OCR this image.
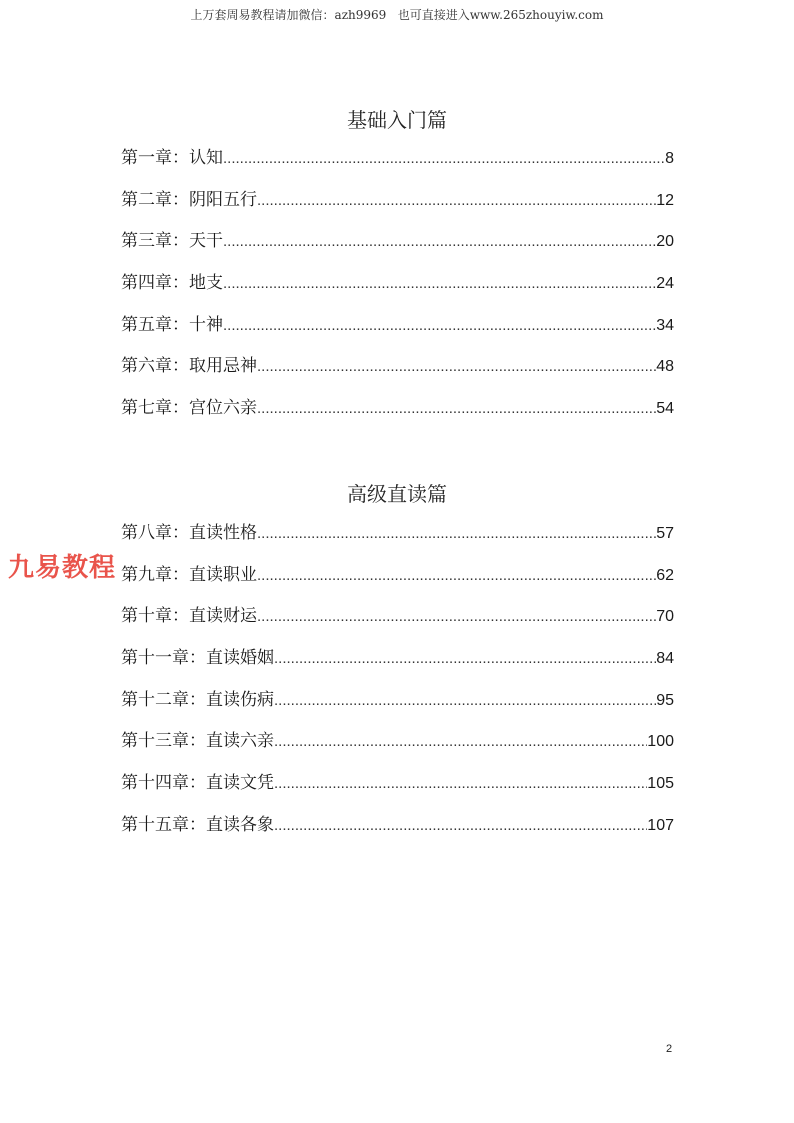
上万套周易教程请加微信：azh9969   也可直接进入www.265zhouyiw.com
基础入门篇
第一章：认知 .....	8
第二章：阴阳五行 .....	12
第三章：天干 .....	20
第四章：地支 .....	24
第五章：十神 .....	34
第六章：取用忌神 .....	48
第七章：宫位六亲 .....	54
高级直读篇
第八章：直读性格 .....	57
第九章：直读职业 .....	62
第十章：直读财运 .....	70
第十一章：直读婚姻 .....	84
第十二章：直读伤病 .....	95
第十三章：直读六亲 .....	100
第十四章：直读文凭 .....	105
第十五章：直读各象 .....	107
九易教程
2
